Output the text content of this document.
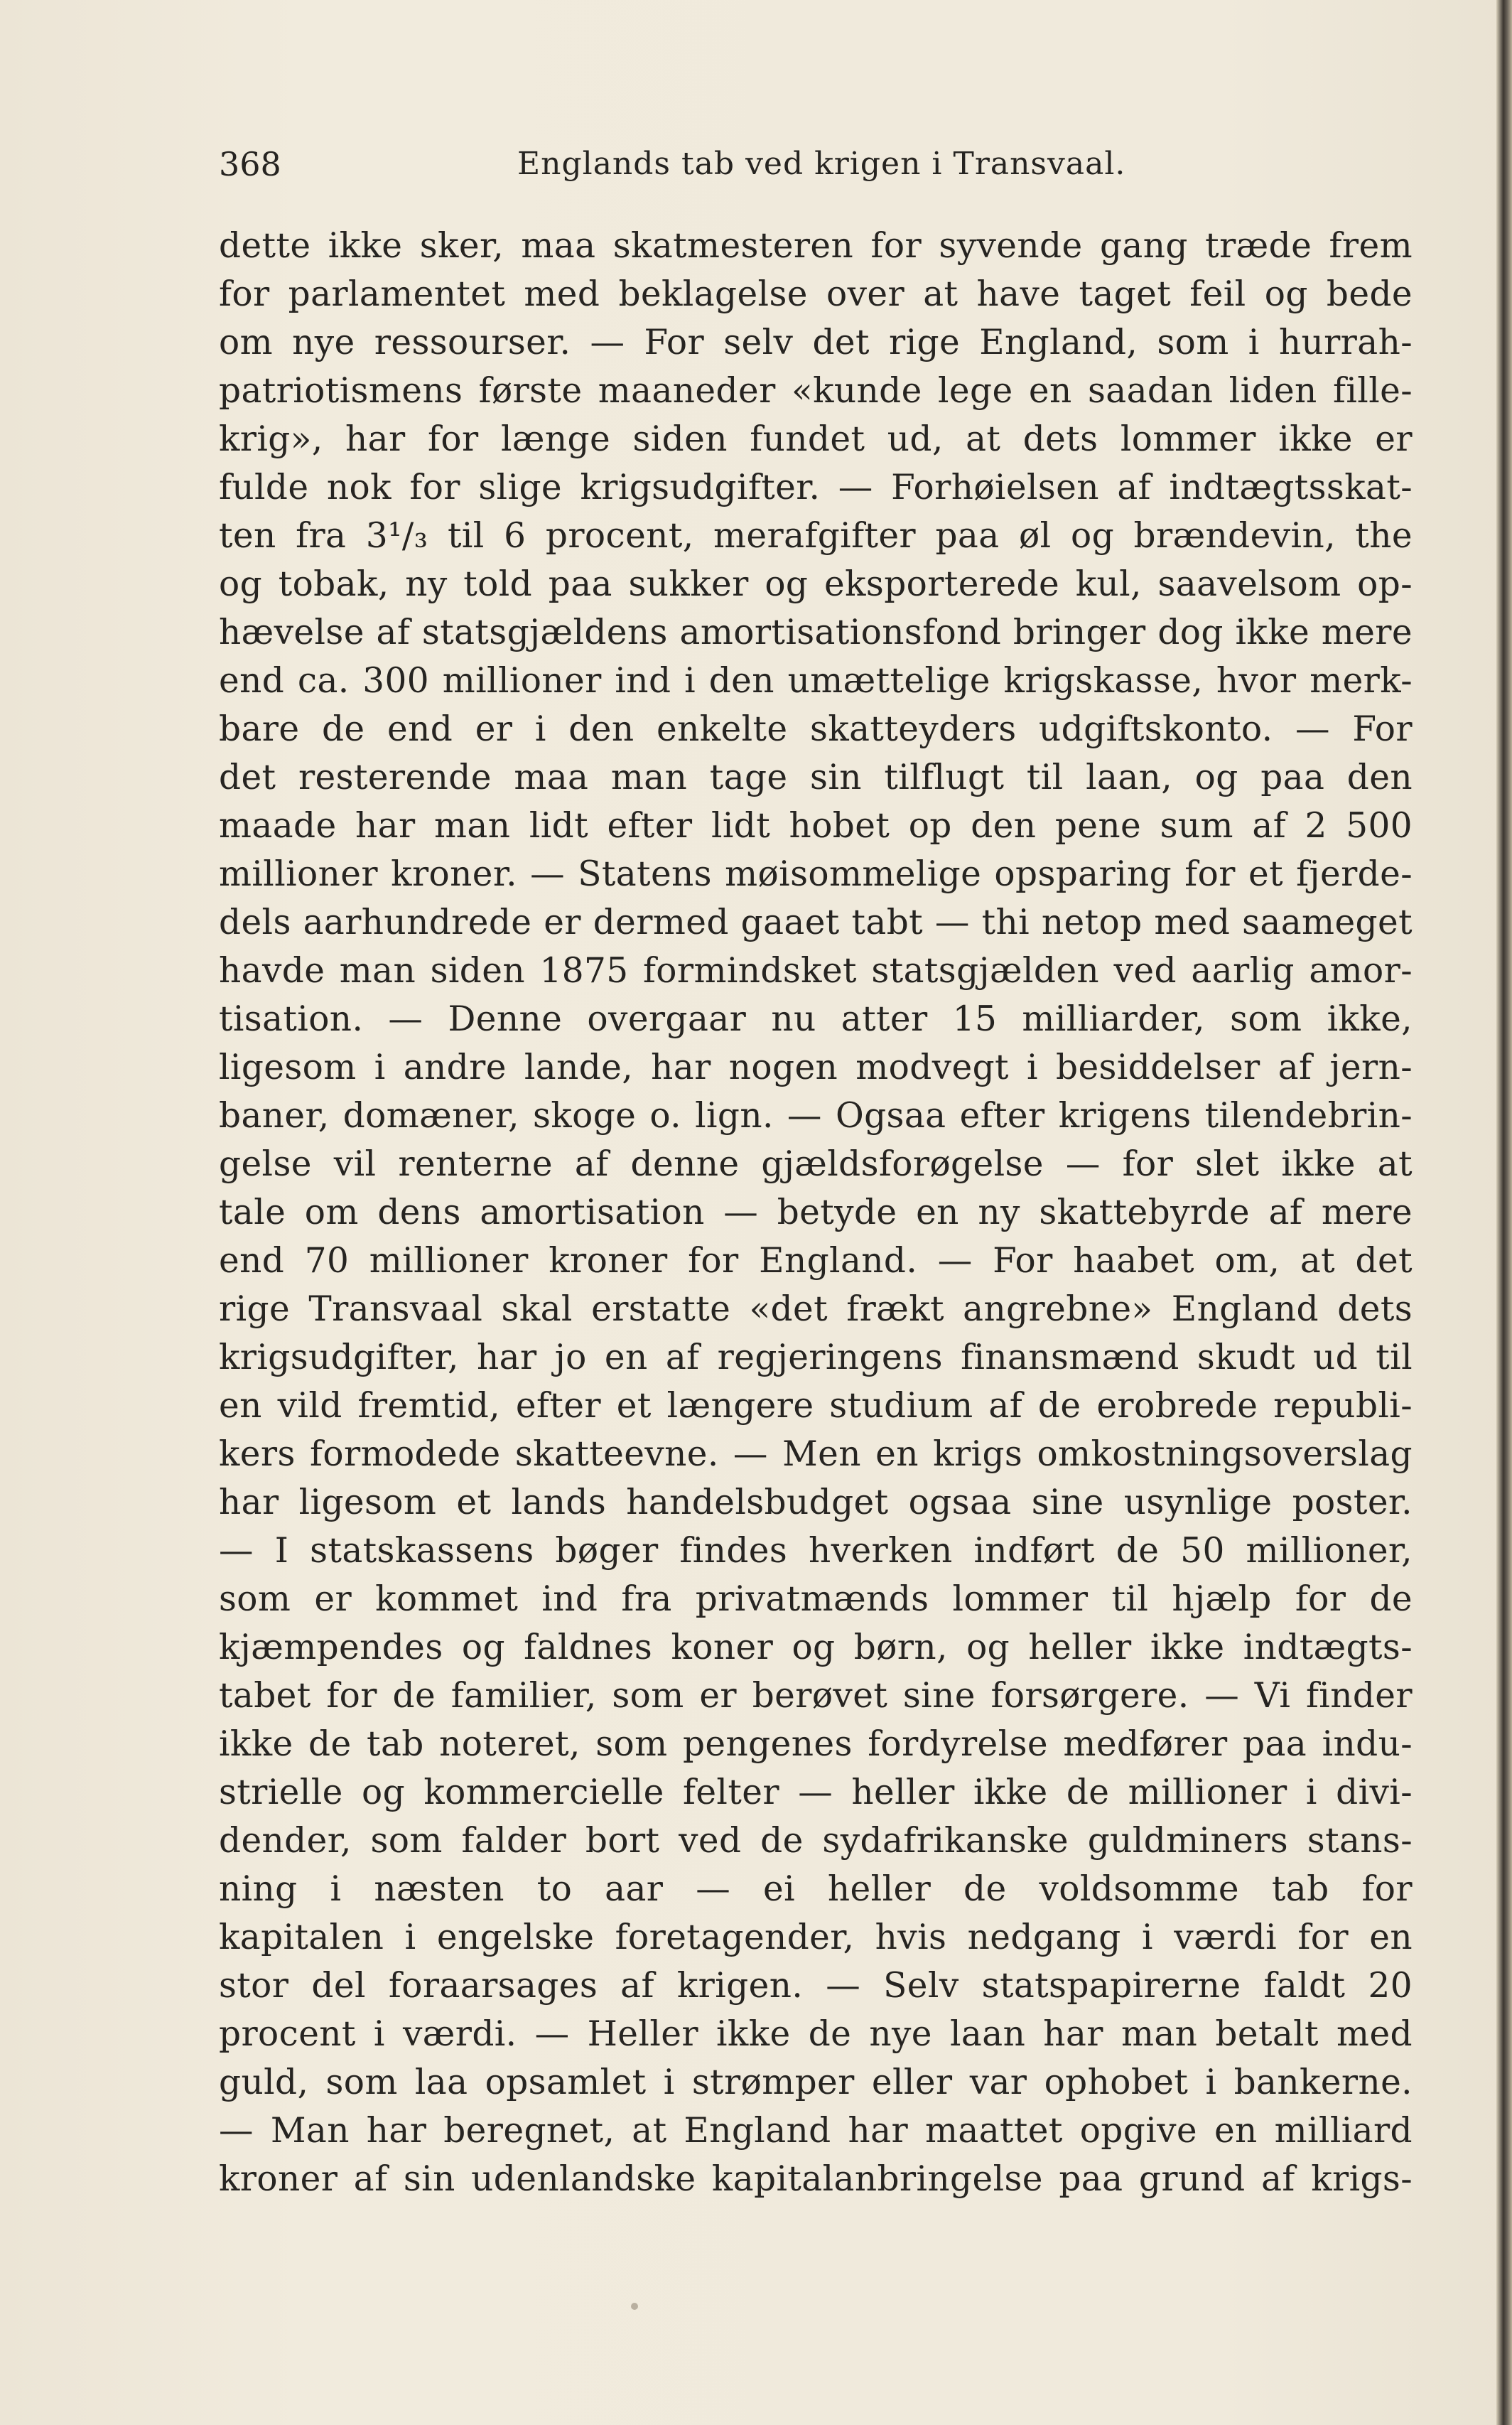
368	Englands tab ved krigen i Transvaal.
dette ikke sker, maa skatmesteren for syvende gang træde frem
for parlamentet med beklagelse over at have taget feil og bede
om nye ressourser. — For selv det rige England, som i hurrah-
patriotismens første maaneder «kunde lege en saadan liden fille-
krig», har for længe siden fundet ud, at dets lommer ikke er
fulde nok for slige krigsudgifter. — Forhøielsen af indtægtsskat-
ten fra 3¹/₃ til 6 procent, merafgifter paa øl og brændevin, the
og tobak, ny told paa sukker og eksporterede kul, saavelsom op-
hævelse af statsgjældens amortisationsfond bringer dog ikke mere
end ca. 300 millioner ind i den umættelige krigskasse, hvor merk-
bare de end er i den enkelte skatteyders udgiftskonto. — For
det resterende maa man tage sin tilflugt til laan, og paa den
maade har man lidt efter lidt hobet op den pene sum af 2 500
millioner kroner. — Statens møisommelige opsparing for et fjerde-
dels aarhundrede er dermed gaaet tabt — thi netop med saameget
havde man siden 1875 formindsket statsgjælden ved aarlig amor-
tisation. — Denne overgaar nu atter 15 milliarder, som ikke,
ligesom i andre lande, har nogen modvegt i besiddelser af jern-
baner, domæner, skoge o. lign. — Ogsaa efter krigens tilendebrin-
gelse vil renterne af denne gjældsforøgelse — for slet ikke at
tale om dens amortisation — betyde en ny skattebyrde af mere
end 70 millioner kroner for England. — For haabet om, at det
rige Transvaal skal erstatte «det frækt angrebne» England dets
krigsudgifter, har jo en af regjeringens finansmænd skudt ud til
en vild fremtid, efter et længere studium af de erobrede republi-
kers formodede skatteevne. — Men en krigs omkostningsoverslag
har ligesom et lands handelsbudget ogsaa sine usynlige poster.
— I statskassens bøger findes hverken indført de 50 millioner,
som er kommet ind fra privatmænds lommer til hjælp for de
kjæmpendes og faldnes koner og børn, og heller ikke indtægts-
tabet for de familier, som er berøvet sine forsørgere. — Vi finder
ikke de tab noteret, som pengenes fordyrelse medfører paa indu-
strielle og kommercielle felter — heller ikke de millioner i divi-
dender, som falder bort ved de sydafrikanske guldminers stans-
ning i næsten to aar — ei heller de voldsomme tab for
kapitalen i engelske foretagender, hvis nedgang i værdi for en
stor del foraarsages af krigen. — Selv statspapirerne faldt 20
procent i værdi. — Heller ikke de nye laan har man betalt med
guld, som laa opsamlet i strømper eller var ophobet i bankerne.
— Man har beregnet, at England har maattet opgive en milliard
kroner af sin udenlandske kapitalanbringelse paa grund af krigs-
